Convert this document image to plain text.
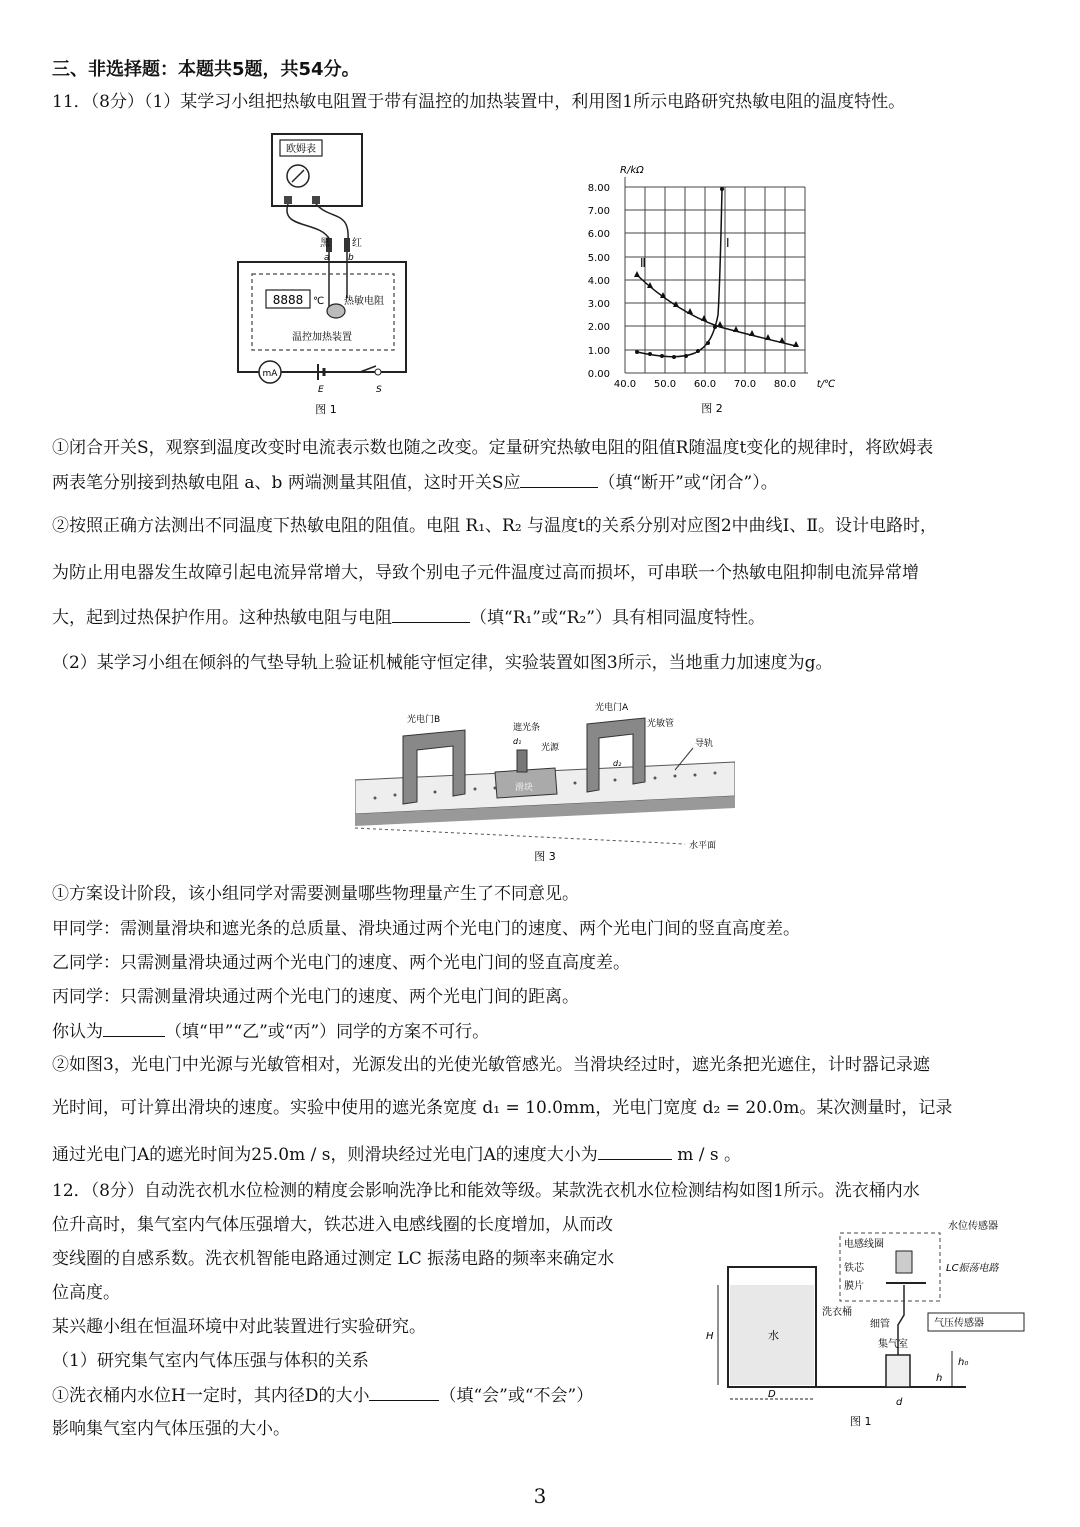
三、非选择题：本题共5题，共54分。
11．（8分）（1）某学习小组把热敏电阻置于带有温控的加热装置中，利用图1所示电路研究热敏电阻的温度特性。
欧姆表
黑 红
a b
8888 ℃ 热敏电阻
温控加热装置
mA
E	S
图 1
R/kΩ
8.00
7.00
6.00
5.00
4.00
3.00
2.00
1.00
0.00
40.0 50.0 60.0 70.0 80.0 t/℃
Ⅰ
Ⅱ
图 2
①闭合开关S，观察到温度改变时电流表示数也随之改变。定量研究热敏电阻的阻值R随温度t变化的规律时，将欧姆表
两表笔分别接到热敏电阻 a、b 两端测量其阻值，这时开关S应	（填“断开”或“闭合”）。
②按照正确方法测出不同温度下热敏电阻的阻值。电阻 R₁、R₂ 与温度t的关系分别对应图2中曲线Ⅰ、Ⅱ。设计电路时，
为防止用电器发生故障引起电流异常增大，导致个别电子元件温度过高而损坏，可串联一个热敏电阻抑制电流异常增
大，起到过热保护作用。这种热敏电阻与电阻	（填“R₁”或“R₂”）具有相同温度特性。
（2）某学习小组在倾斜的气垫导轨上验证机械能守恒定律，实验装置如图3所示，当地重力加速度为g。
水平面
光电门B
滑块
遮光条
d₁
光源
光电门A
光敏管
d₂
导轨
图 3
①方案设计阶段，该小组同学对需要测量哪些物理量产生了不同意见。
甲同学：需测量滑块和遮光条的总质量、滑块通过两个光电门的速度、两个光电门间的竖直高度差。
乙同学：只需测量滑块通过两个光电门的速度、两个光电门间的竖直高度差。
丙同学：只需测量滑块通过两个光电门的速度、两个光电门间的距离。
你认为	（填“甲”“乙”或“丙”）同学的方案不可行。
②如图3，光电门中光源与光敏管相对，光源发出的光使光敏管感光。当滑块经过时，遮光条把光遮住，计时器记录遮
光时间，可计算出滑块的速度。实验中使用的遮光条宽度 d₁ = 10.0mm，光电门宽度 d₂ = 20.0m。某次测量时，记录
通过光电门A的遮光时间为25.0m / s，则滑块经过光电门A的速度大小为	m / s 。
12．（8分）自动洗衣机水位检测的精度会影响洗净比和能效等级。某款洗衣机水位检测结构如图1所示。洗衣桶内水
位升高时，集气室内气体压强增大，铁芯进入电感线圈的长度增加，从而改
变线圈的自感系数。洗衣机智能电路通过测定 LC 振荡电路的频率来确定水
位高度。
某兴趣小组在恒温环境中对此装置进行实验研究。
（1）研究集气室内气体压强与体积的关系
①洗衣桶内水位H一定时，其内径D的大小	（填“会”或“不会”）
影响集气室内气体压强的大小。
水
洗衣桶
H
D
集气室
d
h
h₀
细管
水位传感器
电感线圈
铁芯
膜片
LC振荡电路
气压传感器
图 1
3
